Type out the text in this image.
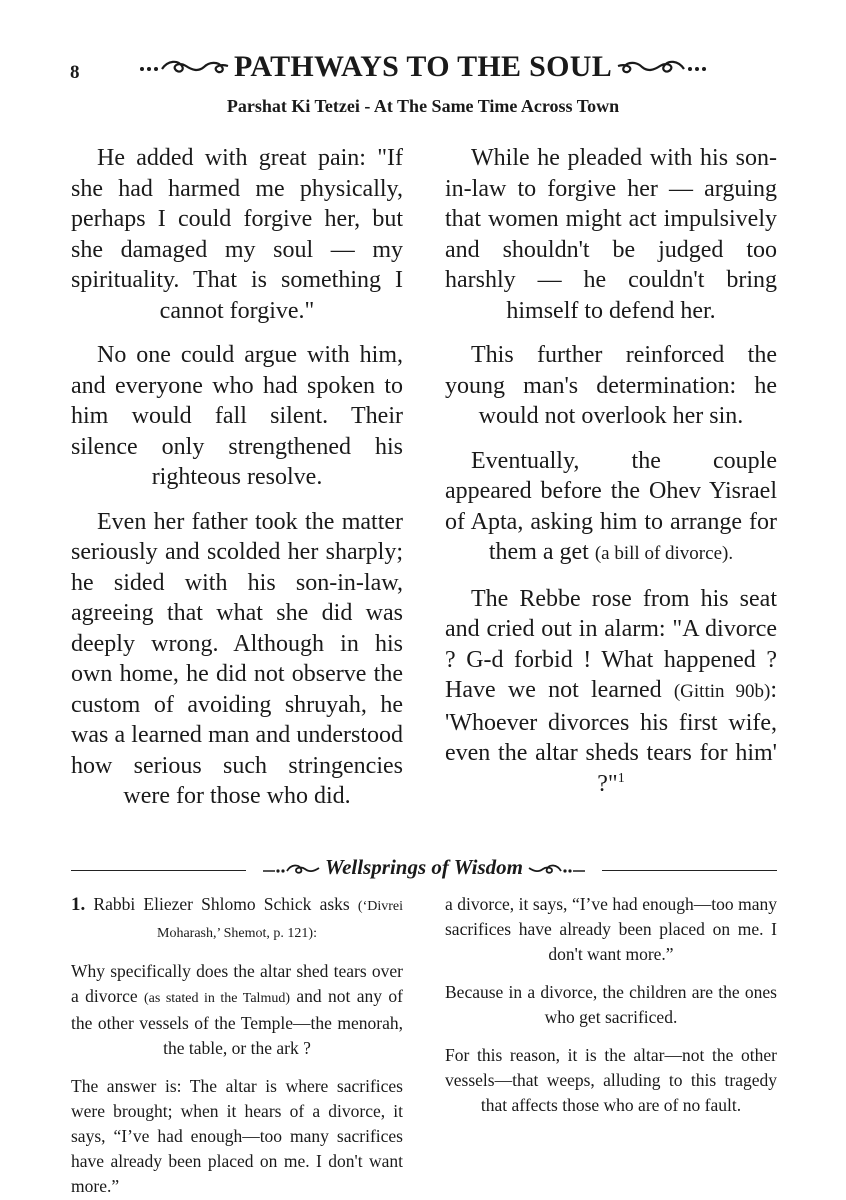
8	PATHWAYS TO THE SOUL
Parshat Ki Tetzei - At The Same Time Across Town

He added with great pain: "If she had harmed me physically, perhaps I could forgive her, but she damaged my soul — my spirituality. That is something I cannot forgive."

No one could argue with him, and everyone who had spoken to him would fall silent. Their silence only strengthened his righteous resolve.

Even her father took the matter seriously and scolded her sharply; he sided with his son-in-law, agreeing that what she did was deeply wrong. Although in his own home, he did not observe the custom of avoiding shruyah, he was a learned man and understood how serious such stringencies were for those who did.

While he pleaded with his son-in-law to forgive her — arguing that women might act impulsively and shouldn't be judged too harshly — he couldn't bring himself to defend her.

This further reinforced the young man's determination: he would not overlook her sin.

Eventually, the couple appeared before the Ohev Yisrael of Apta, asking him to arrange for them a get (a bill of divorce).

The Rebbe rose from his seat and cried out in alarm: "A divorce ? G-d forbid ! What happened ? Have we not learned (Gittin 90b): 'Whoever divorces his first wife, even the altar sheds tears for him' ?"$^1$

Wellsprings of Wisdom

1. Rabbi Eliezer Shlomo Schick asks (‘Divrei Moharash,’ Shemot, p. 121):

Why specifically does the altar shed tears over a divorce (as stated in the Talmud) and not any of the other vessels of the Temple—the menorah, the table, or the ark ?

The answer is: The altar is where sacrifices were brought; when it hears of a divorce, it says, “I’ve had enough—too many sacrifices have already been placed on me. I don't want more.”

a divorce, it says, “I’ve had enough—too many sacrifices have already been placed on me. I don't want more.”

Because in a divorce, the children are the ones who get sacrificed.

For this reason, it is the altar—not the other vessels—that weeps, alluding to this tragedy that affects those who are of no fault.
